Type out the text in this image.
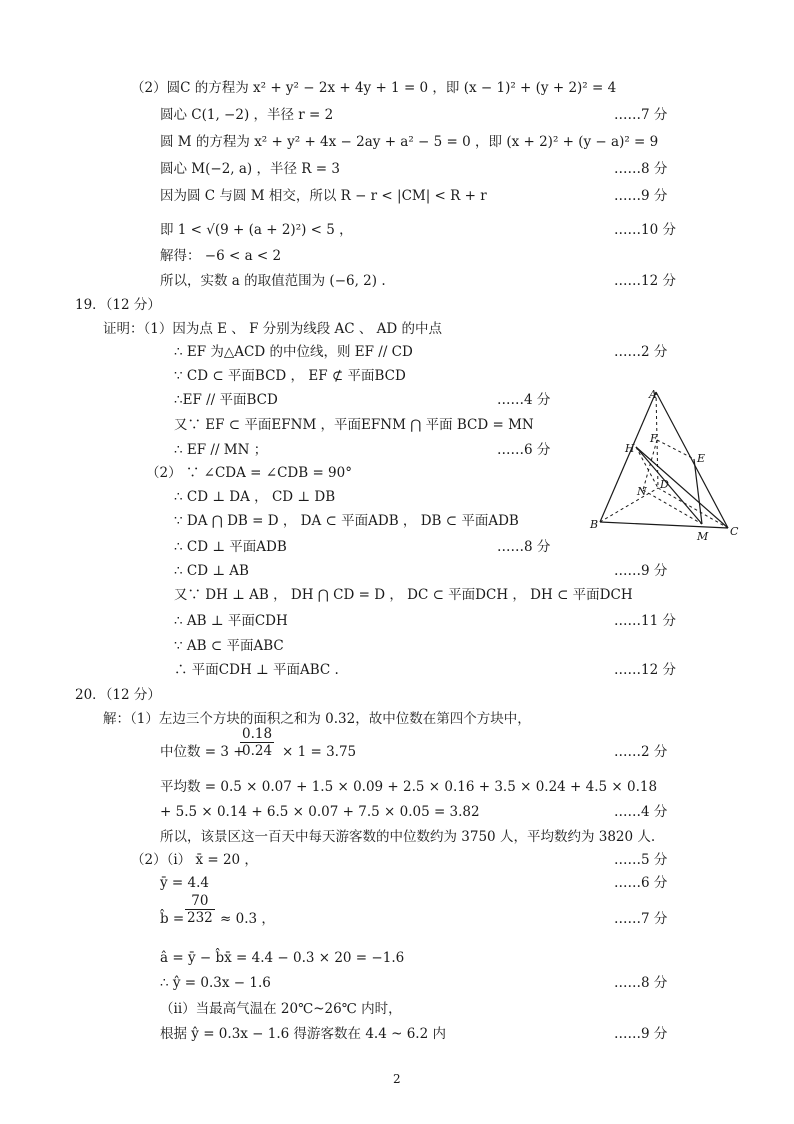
（2）圆C 的方程为 x² + y² − 2x + 4y + 1 = 0 ，即 (x − 1)² + (y + 2)² = 4
圆心 C(1, −2) ，半径 r = 2	……7 分
圆 M 的方程为 x² + y² + 4x − 2ay + a² − 5 = 0 ，即 (x + 2)² + (y − a)² = 9
圆心 M(−2, a) ，半径 R = 3	……8 分
因为圆 C 与圆 M 相交，所以 R − r < |CM| < R + r	……9 分
即 1 < √(9 + (a + 2)²) < 5 ，	……10 分
解得： −6 < a < 2
所以，实数 a 的取值范围为 (−6, 2) .	……12 分
19．（12 分）
证明：（1）因为点 E 、 F 分别为线段 AC 、 AD 的中点
∴ EF 为△ACD 的中位线，则 EF // CD	……2 分
∵ CD ⊂ 平面BCD ， EF ⊄ 平面BCD
∴EF // 平面BCD	……4 分
又∵ EF ⊂ 平面EFNM ，平面EFNM ⋂ 平面 BCD = MN
∴ EF // MN ；	……6 分
（2） ∵ ∠CDA = ∠CDB = 90°
∴ CD ⊥ DA ， CD ⊥ DB
∵ DA ⋂ DB = D ， DA ⊂ 平面ADB ， DB ⊂ 平面ADB
∴ CD ⊥ 平面ADB	……8 分
∴ CD ⊥ AB	……9 分
又∵ DH ⊥ AB ， DH ⋂ CD = D ， DC ⊂ 平面DCH ， DH ⊂ 平面DCH
∴ AB ⊥ 平面CDH	……11 分
∵ AB ⊂ 平面ABC
∴ 平面CDH ⊥ 平面ABC .	……12 分
A
F
H
E
D
N
B
M C
20．（12 分）
解：（1）左边三个方块的面积之和为 0.32，故中位数在第四个方块中，
中位数 = 3 +
$\frac{0.18}{0.24} \times 1 = 3.75$	……2 分
平均数 = 0.5 × 0.07 + 1.5 × 0.09 + 2.5 × 0.16 + 3.5 × 0.24 + 4.5 × 0.18
+ 5.5 × 0.14 + 6.5 × 0.07 + 7.5 × 0.05 = 3.82	……4 分
所以，该景区这一百天中每天游客数的中位数约为 3750 人，平均数约为 3820 人.
（2）（i） x̄ = 20 ，	……5 分
ȳ = 4.4	……6 分
b̂ = $\frac{70}{232} \approx 0.3$ ，	……7 分
â = ȳ − b̂x̄ = 4.4 − 0.3 × 20 = −1.6
∴ ŷ = 0.3x − 1.6	……8 分
（ii）当最高气温在 20℃~26℃ 内时，
根据 ŷ = 0.3x − 1.6 得游客数在 4.4 ~ 6.2 内	……9 分
2
